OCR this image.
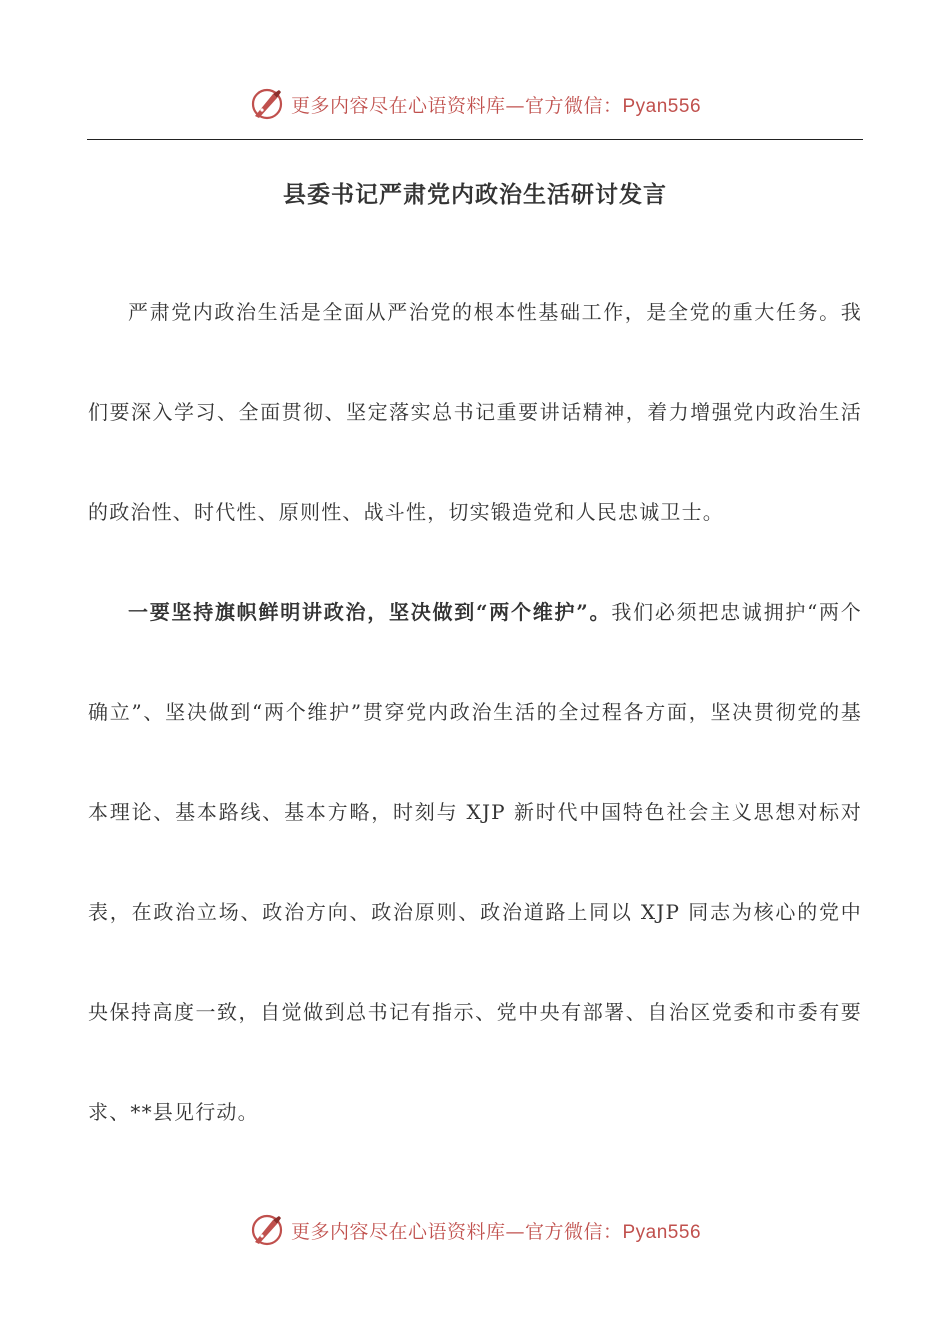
更多内容尽在心语资料库—官方微信：Pyan556
县委书记严肃党内政治生活研讨发言

严肃党内政治生活是全面从严治党的根本性基础工作，是全党的重大任务。我们要深入学习、全面贯彻、坚定落实总书记重要讲话精神，着力增强党内政治生活的政治性、时代性、原则性、战斗性，切实锻造党和人民忠诚卫士。

一要坚持旗帜鲜明讲政治，坚决做到“两个维护”。我们必须把忠诚拥护“两个确立”、坚决做到“两个维护”贯穿党内政治生活的全过程各方面，坚决贯彻党的基本理论、基本路线、基本方略，时刻与 XJP 新时代中国特色社会主义思想对标对表，在政治立场、政治方向、政治原则、政治道路上同以 XJP 同志为核心的党中央保持高度一致，自觉做到总书记有指示、党中央有部署、自治区党委和市委有要求、**县见行动。

更多内容尽在心语资料库—官方微信：Pyan556
